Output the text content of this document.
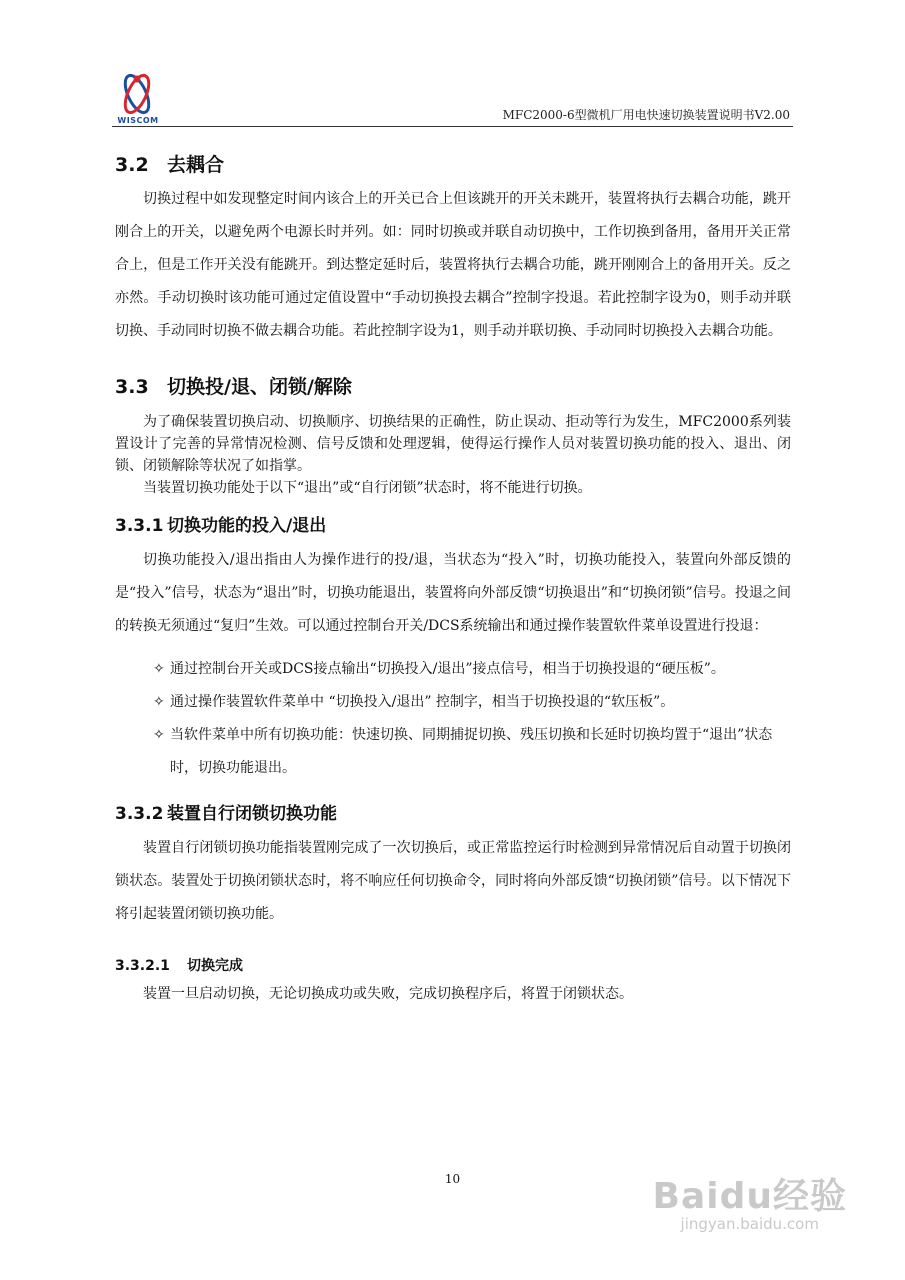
WISCOM	MFC2000-6型微机厂用电快速切换装置说明书V2.00
3.2 去耦合

切换过程中如发现整定时间内该合上的开关已合上但该跳开的开关未跳开，装置将执行去耦合功能，跳开刚合上的开关，以避免两个电源长时并列。如：同时切换或并联自动切换中，工作切换到备用，备用开关正常合上，但是工作开关没有能跳开。到达整定延时后，装置将执行去耦合功能，跳开刚刚合上的备用开关。反之亦然。手动切换时该功能可通过定值设置中“手动切换投去耦合”控制字投退。若此控制字设为0，则手动并联切换、手动同时切换不做去耦合功能。若此控制字设为1，则手动并联切换、手动同时切换投入去耦合功能。

3.3 切换投/退、闭锁/解除

为了确保装置切换启动、切换顺序、切换结果的正确性，防止误动、拒动等行为发生，MFC2000系列装置设计了完善的异常情况检测、信号反馈和处理逻辑，使得运行操作人员对装置切换功能的投入、退出、闭锁、闭锁解除等状况了如指掌。

当装置切换功能处于以下“退出”或“自行闭锁”状态时，将不能进行切换。

3.3.1 切换功能的投入/退出

切换功能投入/退出指由人为操作进行的投/退，当状态为“投入”时，切换功能投入，装置向外部反馈的是“投入”信号，状态为“退出”时，切换功能退出，装置将向外部反馈“切换退出”和“切换闭锁”信号。投退之间的转换无须通过“复归”生效。可以通过控制台开关/DCS系统输出和通过操作装置软件菜单设置进行投退：

✧ 通过控制台开关或DCS接点输出“切换投入/退出”接点信号，相当于切换投退的“硬压板”。
✧ 通过操作装置软件菜单中 “切换投入/退出” 控制字，相当于切换投退的“软压板”。
✧ 当软件菜单中所有切换功能：快速切换、同期捕捉切换、残压切换和长延时切换均置于“退出”状态时，切换功能退出。
3.3.2 装置自行闭锁切换功能

装置自行闭锁切换功能指装置刚完成了一次切换后，或正常监控运行时检测到异常情况后自动置于切换闭锁状态。装置处于切换闭锁状态时，将不响应任何切换命令，同时将向外部反馈“切换闭锁”信号。以下情况下将引起装置闭锁切换功能。

3.3.2.1 切换完成

装置一旦启动切换，无论切换成功或失败，完成切换程序后，将置于闭锁状态。

10	Baidu经验
jingyan.baidu.com
